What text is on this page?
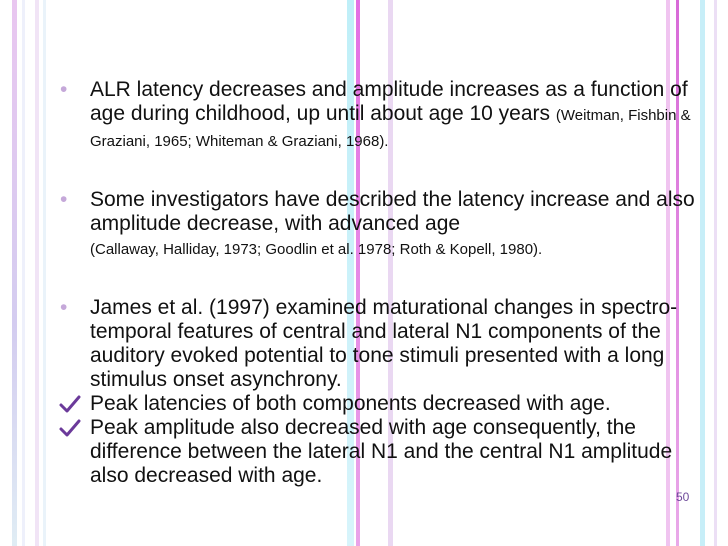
•	ALR latency decreases and amplitude increases as a function of age during childhood, up until about age 10 years (Weitman, Fishbin & Graziani, 1965; Whiteman & Graziani, 1968).
•	Some investigators have described the latency increase and also amplitude decrease, with advanced age
(Callaway, Halliday, 1973; Goodlin et al. 1978; Roth & Kopell, 1980).
•	James et al. (1997) examined maturational changes in spectro-temporal features of central and lateral N1 components of the auditory evoked potential to tone stimuli presented with a long stimulus onset asynchrony.
Peak latencies of both components decreased with age.
Peak amplitude also decreased with age consequently, the difference between the lateral N1 and the central N1 amplitude also decreased with age.
50
